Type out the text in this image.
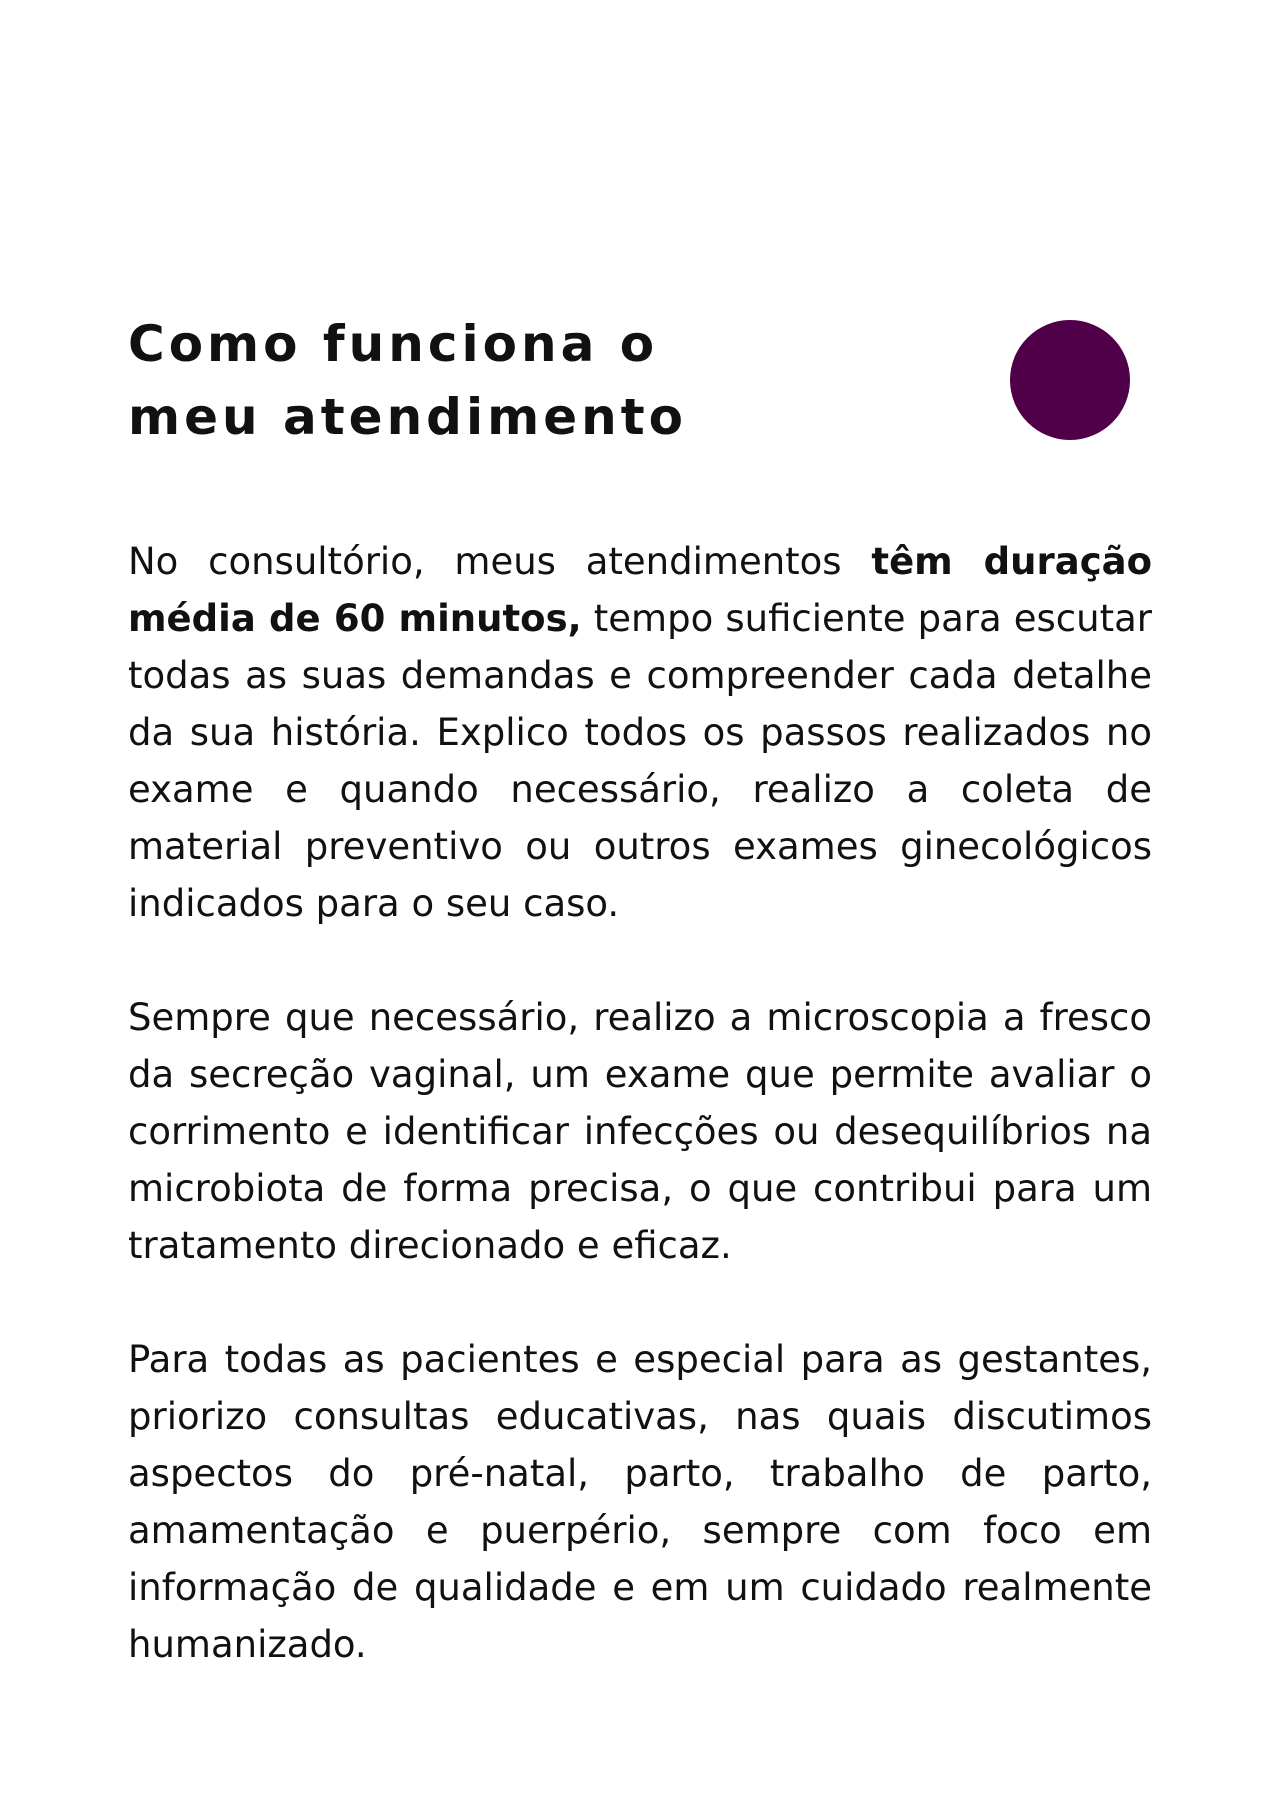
Como funciona o
meu atendimento

No consultório, meus atendimentos têm duração média de 60 minutos, tempo suficiente para escutar todas as suas demandas e compreender cada detalhe da sua história. Explico todos os passos realizados no exame e quando necessário, realizo a coleta de material preventivo ou outros exames ginecológicos indicados para o seu caso.

Sempre que necessário, realizo a microscopia a fresco da secreção vaginal, um exame que permite avaliar o corrimento e identificar infecções ou desequilíbrios na microbiota de forma precisa, o que contribui para um tratamento direcionado e eficaz.

Para todas as pacientes e especial para as gestantes, priorizo consultas educativas, nas quais discutimos aspectos do pré-natal, parto, trabalho de parto, amamentação e puerpério, sempre com foco em informação de qualidade e em um cuidado realmente humanizado.
